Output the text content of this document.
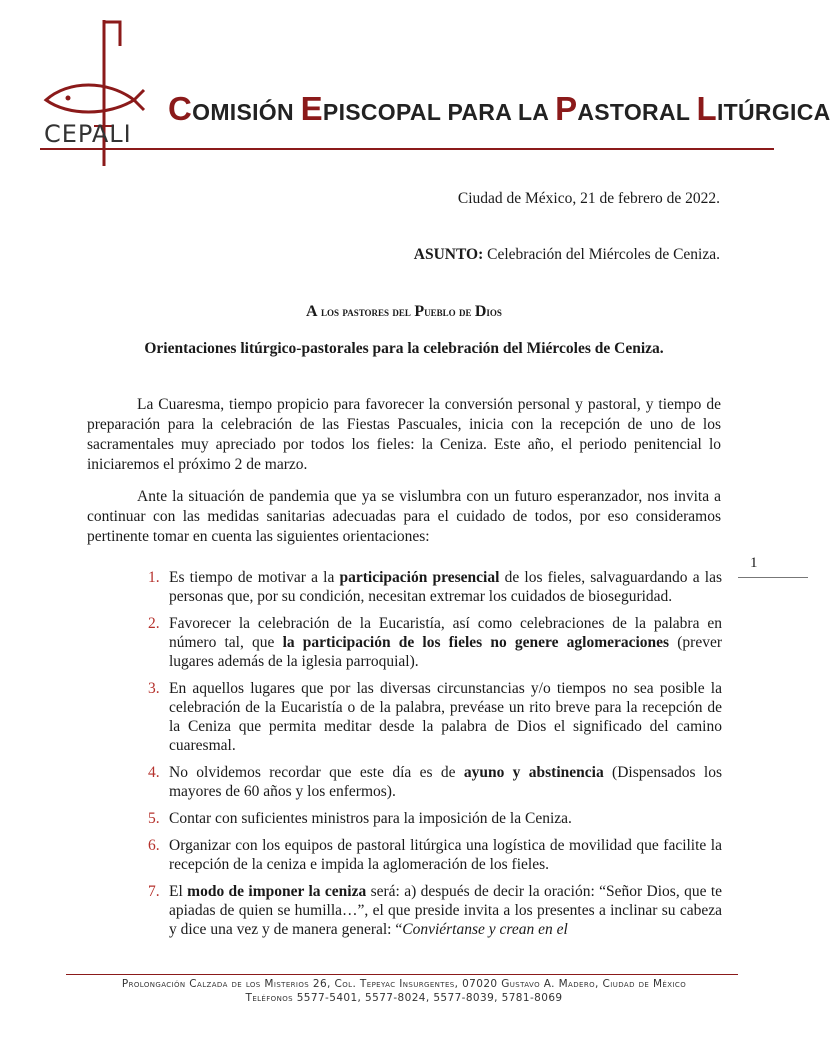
CEPALI
COMISIÓN EPISCOPAL PARA LA PASTORAL LITÚRGICA
Ciudad de México, 21 de febrero de 2022.
ASUNTO: Celebración del Miércoles de Ceniza.
A los pastores del Pueblo de Dios
Orientaciones litúrgico-pastorales para la celebración del Miércoles de Ceniza.

La Cuaresma, tiempo propicio para favorecer la conversión personal y pastoral, y tiempo de preparación para la celebración de las Fiestas Pascuales, inicia con la recepción de uno de los sacramentales muy apreciado por todos los fieles: la Ceniza. Este año, el periodo penitencial lo iniciaremos el próximo 2 de marzo.

Ante la situación de pandemia que ya se vislumbra con un futuro esperanzador, nos invita a continuar con las medidas sanitarias adecuadas para el cuidado de todos, por eso consideramos pertinente tomar en cuenta las siguientes orientaciones:

1
1. Es tiempo de motivar a la participación presencial de los fieles, salvaguardando a las personas que, por su condición, necesitan extremar los cuidados de bioseguridad.
2. Favorecer la celebración de la Eucaristía, así como celebraciones de la palabra en número tal, que la participación de los fieles no genere aglomeraciones (prever lugares además de la iglesia parroquial).
3. En aquellos lugares que por las diversas circunstancias y/o tiempos no sea posible la celebración de la Eucaristía o de la palabra, prevéase un rito breve para la recepción de la Ceniza que permita meditar desde la palabra de Dios el significado del camino cuaresmal.
4. No olvidemos recordar que este día es de ayuno y abstinencia (Dispensados los mayores de 60 años y los enfermos).
5. Contar con suficientes ministros para la imposición de la Ceniza.
6. Organizar con los equipos de pastoral litúrgica una logística de movilidad que facilite la recepción de la ceniza e impida la aglomeración de los fieles.
7. El modo de imponer la ceniza será: a) después de decir la oración: “Señor Dios, que te apiadas de quien se humilla…”, el que preside invita a los presentes a inclinar su cabeza y dice una vez y de manera general: “Conviértanse y crean en el
Prolongación Calzada de los Misterios 26, Col. Tepeyac Insurgentes, 07020 Gustavo A. Madero, Ciudad de México
Teléfonos 5577-5401, 5577-8024, 5577-8039, 5781-8069
